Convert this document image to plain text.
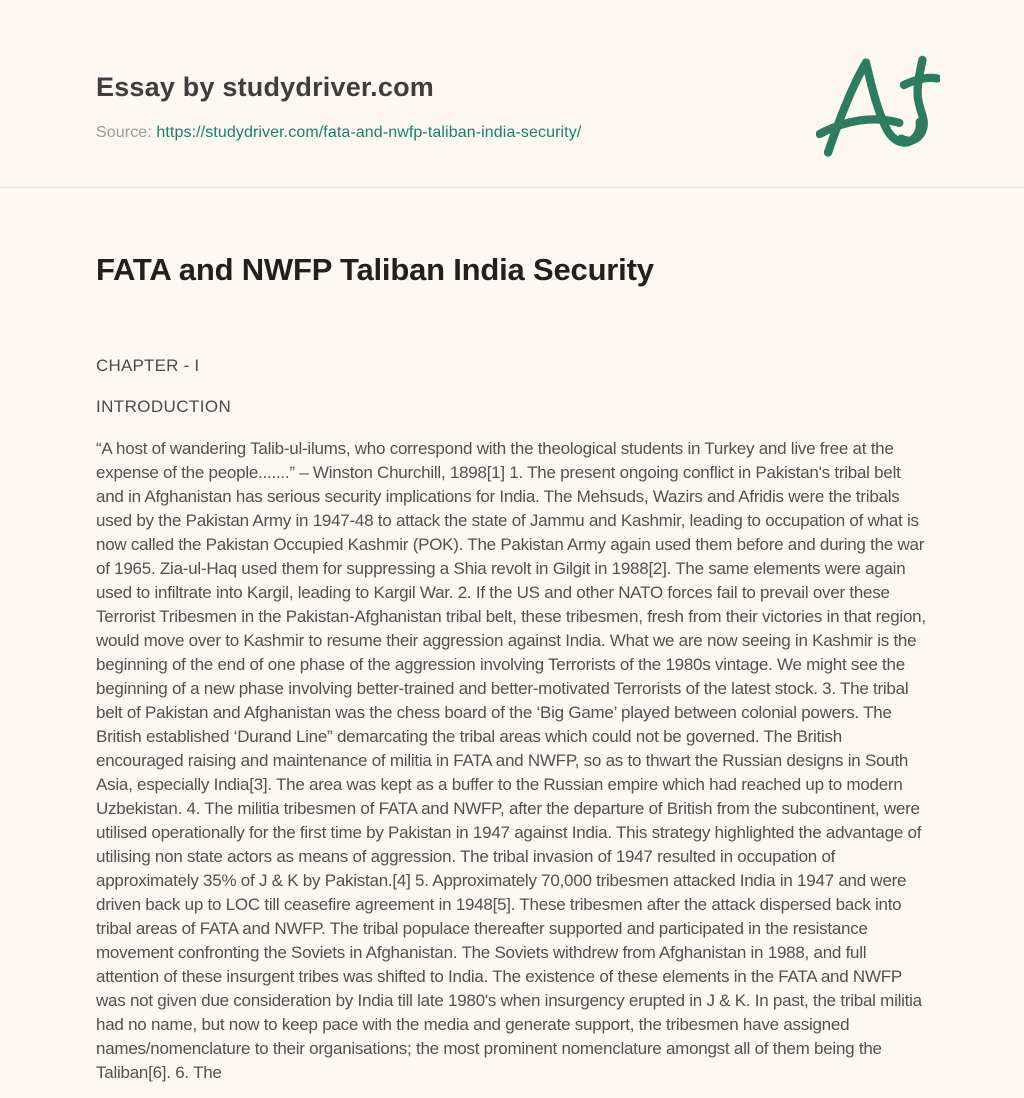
Essay by studydriver.com
Source: https://studydriver.com/fata-and-nwfp-taliban-india-security/
FATA and NWFP Taliban India Security

CHAPTER - I

INTRODUCTION

“A host of wandering Talib-ul-ilums, who correspond with the theological students in Turkey and live free at the expense of the people.......” – Winston Churchill, 1898[1] 1. The present ongoing conflict in Pakistan's tribal belt and in Afghanistan has serious security implications for India. The Mehsuds, Wazirs and Afridis were the tribals used by the Pakistan Army in 1947-48 to attack the state of Jammu and Kashmir, leading to occupation of what is now called the Pakistan Occupied Kashmir (POK). The Pakistan Army again used them before and during the war of 1965. Zia-ul-Haq used them for suppressing a Shia revolt in Gilgit in 1988[2]. The same elements were again used to infiltrate into Kargil, leading to Kargil War. 2. If the US and other NATO forces fail to prevail over these Terrorist Tribesmen in the Pakistan-Afghanistan tribal belt, these tribesmen, fresh from their victories in that region, would move over to Kashmir to resume their aggression against India. What we are now seeing in Kashmir is the beginning of the end of one phase of the aggression involving Terrorists of the 1980s vintage. We might see the beginning of a new phase involving better-trained and better-motivated Terrorists of the latest stock. 3. The tribal belt of Pakistan and Afghanistan was the chess board of the ‘Big Game’ played between colonial powers. The British established ‘Durand Line” demarcating the tribal areas which could not be governed. The British encouraged raising and maintenance of militia in FATA and NWFP, so as to thwart the Russian designs in South Asia, especially India[3]. The area was kept as a buffer to the Russian empire which had reached up to modern Uzbekistan. 4. The militia tribesmen of FATA and NWFP, after the departure of British from the subcontinent, were utilised operationally for the first time by Pakistan in 1947 against India. This strategy highlighted the advantage of utilising non state actors as means of aggression. The tribal invasion of 1947 resulted in occupation of approximately 35% of J & K by Pakistan.[4] 5. Approximately 70,000 tribesmen attacked India in 1947 and were driven back up to LOC till ceasefire agreement in 1948[5]. These tribesmen after the attack dispersed back into tribal areas of FATA and NWFP. The tribal populace thereafter supported and participated in the resistance movement confronting the Soviets in Afghanistan. The Soviets withdrew from Afghanistan in 1988, and full attention of these insurgent tribes was shifted to India. The existence of these elements in the FATA and NWFP was not given due consideration by India till late 1980's when insurgency erupted in J & K. In past, the tribal militia had no name, but now to keep pace with the media and generate support, the tribesmen have assigned names/nomenclature to their organisations; the most prominent nomenclature amongst all of them being the Taliban[6]. 6. The
